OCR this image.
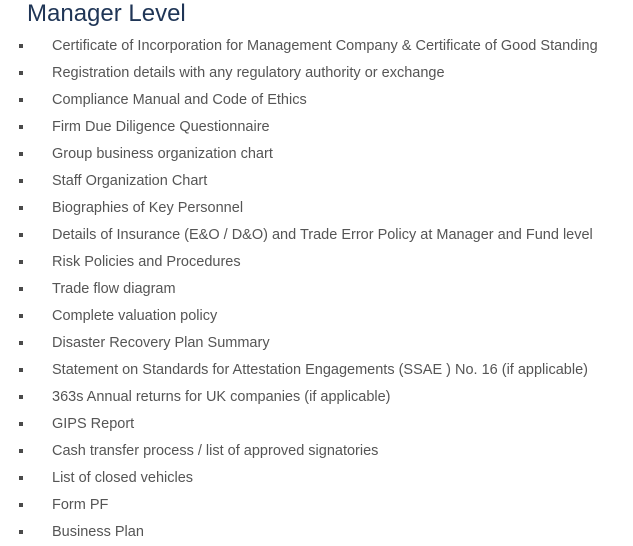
Manager Level
Certificate of Incorporation for Management Company & Certificate of Good Standing
Registration details with any regulatory authority or exchange
Compliance Manual and Code of Ethics
Firm Due Diligence Questionnaire
Group business organization chart
Staff Organization Chart
Biographies of Key Personnel
Details of Insurance (E&O / D&O) and Trade Error Policy at Manager and Fund level
Risk Policies and Procedures
Trade flow diagram
Complete valuation policy
Disaster Recovery Plan Summary
Statement on Standards for Attestation Engagements (SSAE ) No. 16 (if applicable)
363s Annual returns for UK companies (if applicable)
GIPS Report
Cash transfer process / list of approved signatories
List of closed vehicles
Form PF
Business Plan
